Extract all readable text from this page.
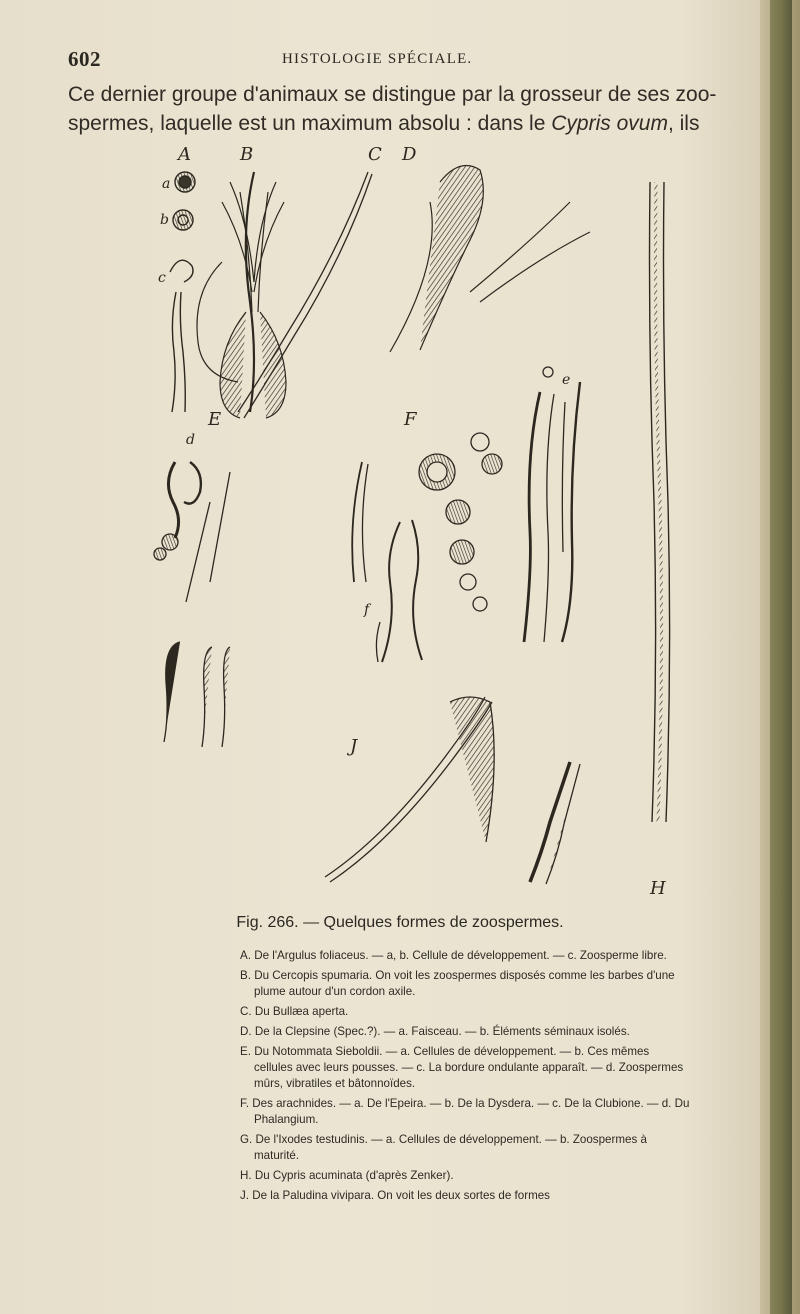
602	HISTOLOGIE SPÉCIALE.
Ce dernier groupe d'animaux se distingue par la grosseur de ses zoo-
spermes, laquelle est un maximum absolu : dans le Cypris ovum, ils
A	B	C D
E	F
J
H
a
b
c
d
e
f
Fig. 266. — Quelques formes de zoospermes.
A. De l'Argulus foliaceus. — a, b. Cellule de développement. — c. Zoosperme libre.
B. Du Cercopis spumaria. On voit les zoospermes disposés comme les barbes d'une plume autour d'un cordon axile.
C. Du Bullæa aperta.
D. De la Clepsine (Spec.?). — a. Faisceau. — b. Éléments séminaux isolés.
E. Du Notommata Sieboldii. — a. Cellules de développement. — b. Ces mêmes cellules avec leurs pousses. — c. La bordure ondulante apparaît. — d. Zoospermes mûrs, vibratiles et bâtonnoïdes.
F. Des arachnides. — a. De l'Epeira. — b. De la Dysdera. — c. De la Clubione. — d. Du Phalangium.
G. De l'Ixodes testudinis. — a. Cellules de développement. — b. Zoospermes à maturité.
H. Du Cypris acuminata (d'après Zenker).
J. De la Paludina vivipara. On voit les deux sortes de formes
